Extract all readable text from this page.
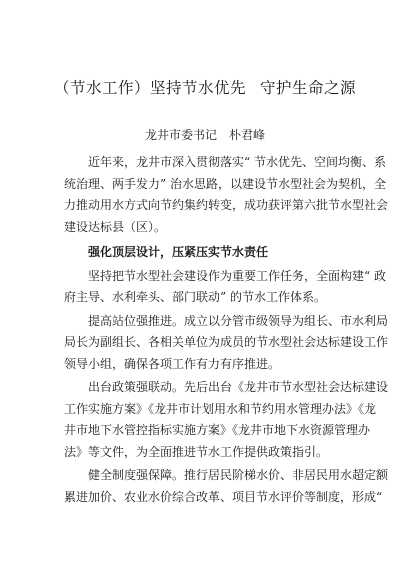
（节水工作）坚持节水优先 守护生命之源
龙井市委书记 朴君峰
近年来，龙井市深入贯彻落实“ 节水优先、空间均衡、系
统治理、两手发力” 治水思路，以建设节水型社会为契机，全
力推动用水方式向节约集约转变，成功获评第六批节水型社会
建设达标县（区）。
强化顶层设计，压紧压实节水责任
坚持把节水型社会建设作为重要工作任务，全面构建“ 政
府主导、水利牵头、部门联动” 的节水工作体系。
提高站位强推进。成立以分管市级领导为组长、市水利局
局长为副组长、各相关单位为成员的节水型社会达标建设工作
领导小组，确保各项工作有力有序推进。
出台政策强联动。先后出台《龙井市节水型社会达标建设
工作实施方案》《龙井市计划用水和节约用水管理办法》《龙
井市地下水管控指标实施方案》《龙井市地下水资源管理办
法》等文件，为全面推进节水工作提供政策指引。
健全制度强保障。推行居民阶梯水价、非居民用水超定额
累进加价、农业水价综合改革、项目节水评价等制度，形成“
